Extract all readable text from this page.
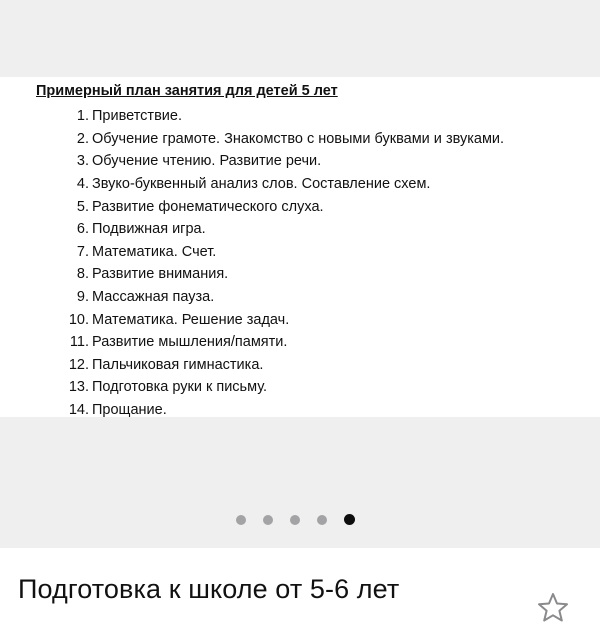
Примерный план занятия для детей 5 лет
1. Приветствие.
2. Обучение грамоте. Знакомство с новыми буквами и звуками.
3. Обучение чтению. Развитие речи.
4. Звуко-буквенный анализ слов. Составление схем.
5. Развитие фонематического слуха.
6. Подвижная игра.
7. Математика. Счет.
8. Развитие внимания.
9. Массажная пауза.
10. Математика. Решение задач.
11. Развитие мышления/памяти.
12. Пальчиковая гимнастика.
13. Подготовка руки к письму.
14. Прощание.
Подготовка к школе от 5-6 лет
